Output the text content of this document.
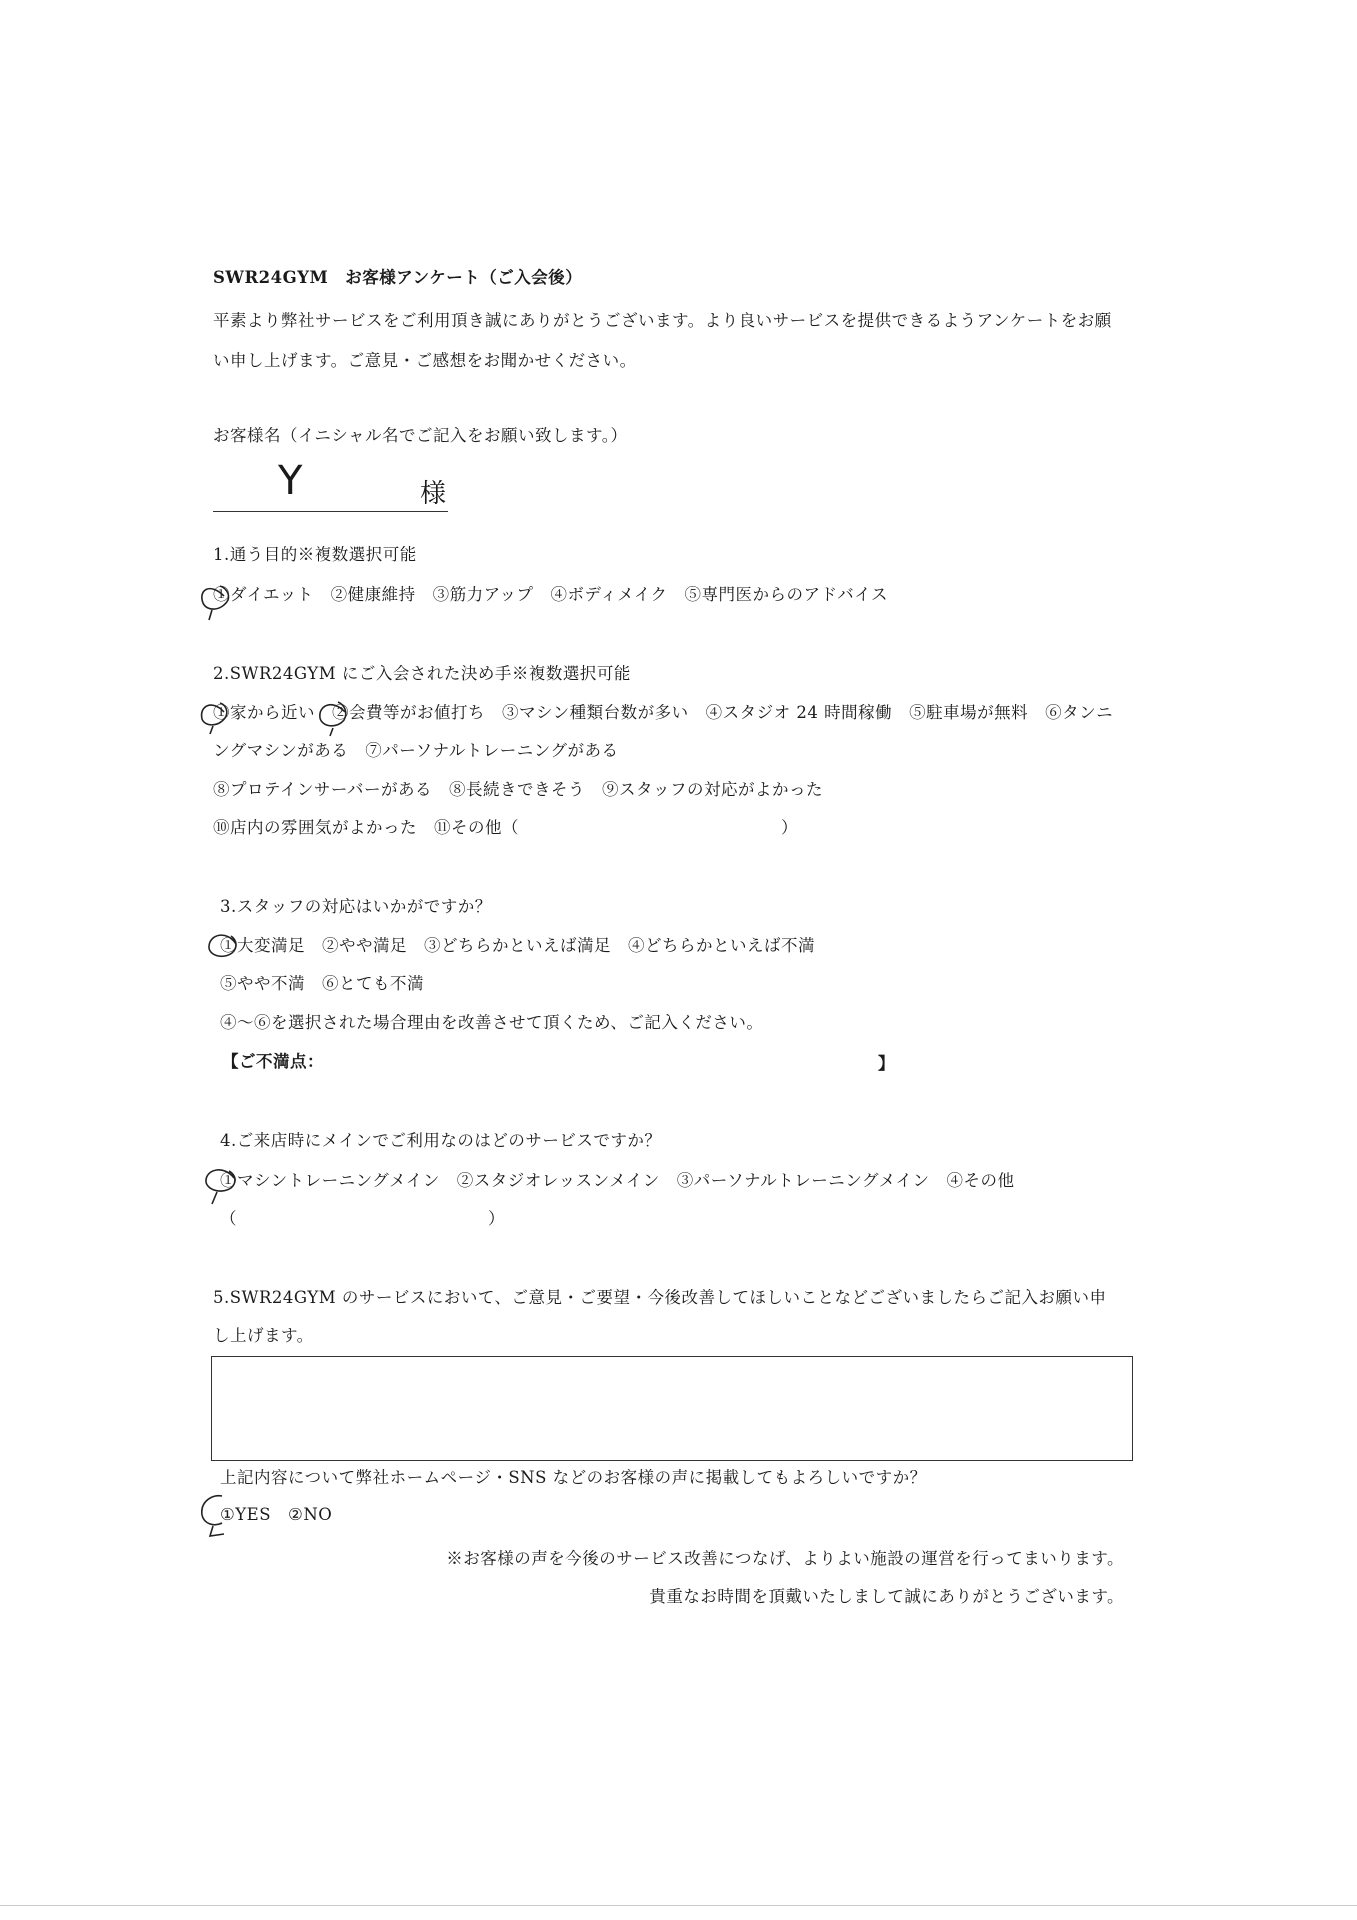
SWR24GYM　お客様アンケート（ご入会後）
平素より弊社サービスをご利用頂き誠にありがとうございます。より良いサービスを提供できるようアンケートをお願
い申し上げます。ご意見・ご感想をお聞かせください。
お客様名（イニシャル名でご記入をお願い致します。）
Y	様
1.通う目的※複数選択可能
①ダイエット　②健康維持　③筋力アップ　④ボディメイク　⑤専門医からのアドバイス
2.SWR24GYM にご入会された決め手※複数選択可能
①家から近い　②会費等がお値打ち　③マシン種類台数が多い　④スタジオ 24 時間稼働　⑤駐車場が無料　⑥タンニ
ングマシンがある　⑦パーソナルトレーニングがある
⑧プロテインサーバーがある　⑧長続きできそう　⑨スタッフの対応がよかった
⑩店内の雰囲気がよかった　⑪その他（	）
3.スタッフの対応はいかがですか？
①大変満足　②やや満足　③どちらかといえば満足　④どちらかといえば不満
⑤やや不満　⑥とても不満
④～⑥を選択された場合理由を改善させて頂くため、ご記入ください。
【ご不満点：	】
4.ご来店時にメインでご利用なのはどのサービスですか？
①マシントレーニングメイン　②スタジオレッスンメイン　③パーソナルトレーニングメイン　④その他
（	）
5.SWR24GYM のサービスにおいて、ご意見・ご要望・今後改善してほしいことなどございましたらご記入お願い申
し上げます。
上記内容について弊社ホームページ・SNS などのお客様の声に掲載してもよろしいですか？
①YES　②NO
※お客様の声を今後のサービス改善につなげ、よりよい施設の運営を行ってまいります。
貴重なお時間を頂戴いたしまして誠にありがとうございます。
